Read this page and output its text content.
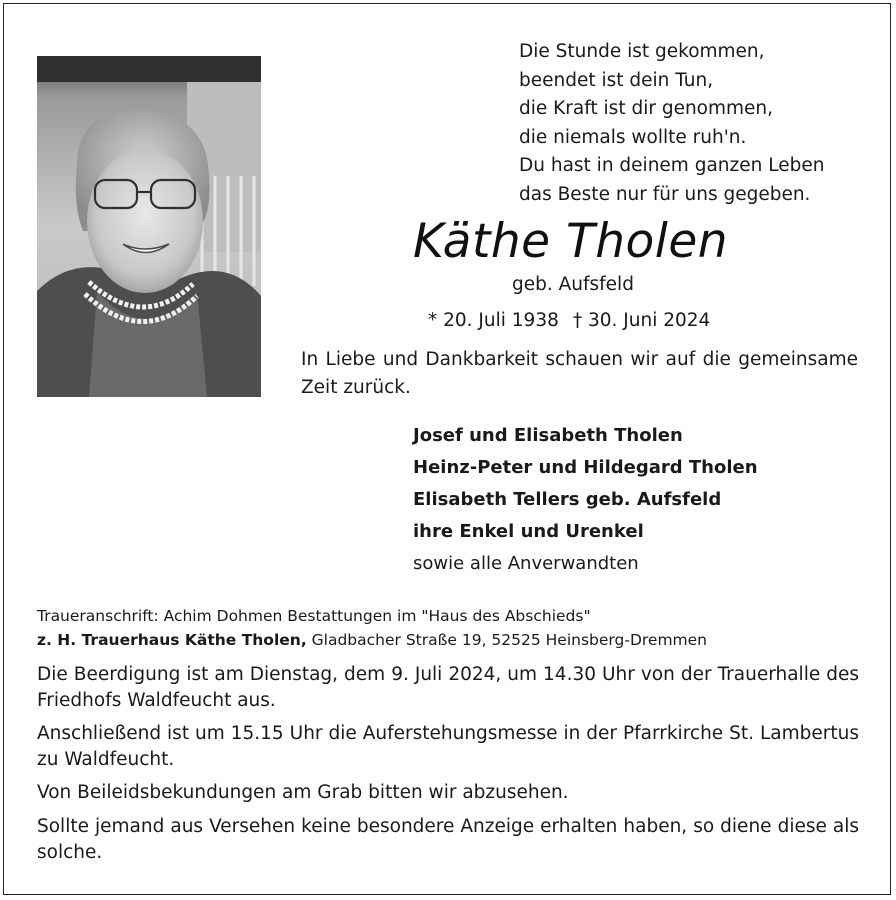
Die Stunde ist gekommen,
beendet ist dein Tun,
die Kraft ist dir genommen,
die niemals wollte ruh'n.
Du hast in deinem ganzen Leben
das Beste nur für uns gegeben.
Käthe Tholen
geb. Aufsfeld
* 20. Juli 1938 † 30. Juni 2024
In Liebe und Dankbarkeit schauen wir auf die gemeinsame Zeit zurück.
Josef und Elisabeth Tholen
Heinz-Peter und Hildegard Tholen
Elisabeth Tellers geb. Aufsfeld
ihre Enkel und Urenkel
sowie alle Anverwandten
Traueranschrift: Achim Dohmen Bestattungen im "Haus des Abschieds"
z. H. Trauerhaus Käthe Tholen, Gladbacher Straße 19, 52525 Heinsberg-Dremmen

Die Beerdigung ist am Dienstag, dem 9. Juli 2024, um 14.30 Uhr von der Trauerhalle des Friedhofs Waldfeucht aus.

Anschließend ist um 15.15 Uhr die Auferstehungsmesse in der Pfarrkirche St. Lambertus zu Waldfeucht.

Von Beileidsbekundungen am Grab bitten wir abzusehen.

Sollte jemand aus Versehen keine besondere Anzeige erhalten haben, so diene diese als solche.
